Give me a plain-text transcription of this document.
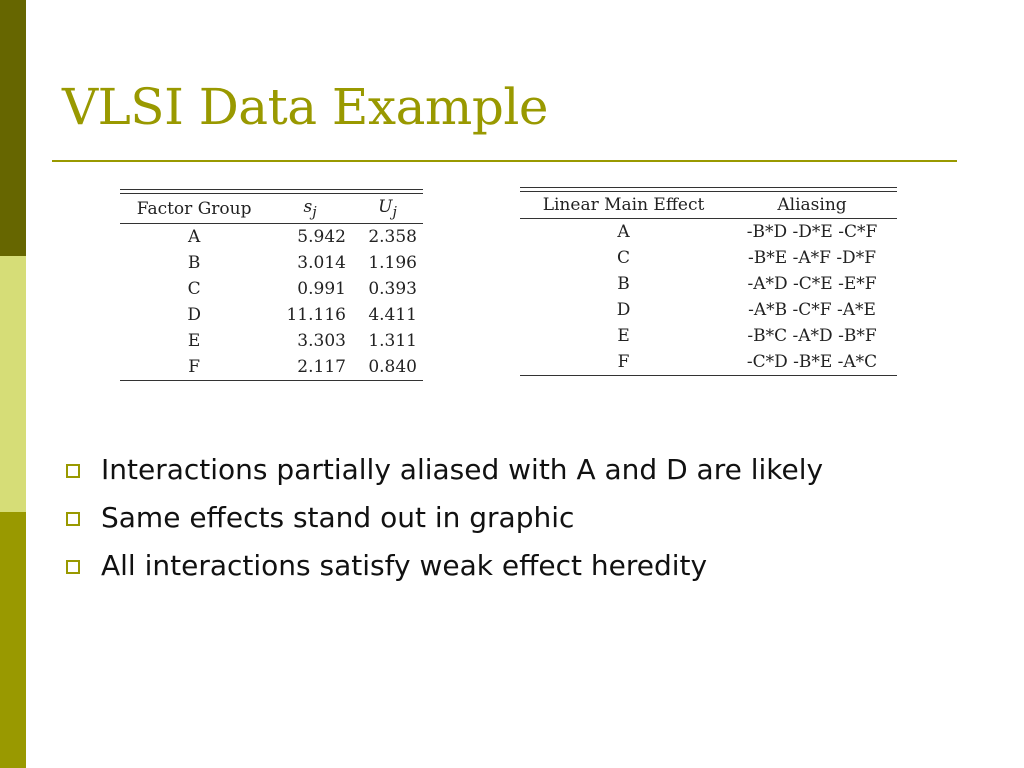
VLSI Data Example
Factor Group	$s_j$	$U_j$
A	5.942	2.358
B	3.014	1.196
C	0.991	0.393
D	11.116	4.411
E	3.303	1.311
F	2.117	0.840
Linear Main Effect	Aliasing
A	-B*D -D*E -C*F
C	-B*E -A*F -D*F
B	-A*D -C*E -E*F
D	-A*B -C*F -A*E
E	-B*C -A*D -B*F
F	-C*D -B*E -A*C
Interactions partially aliased with A and D are likely
Same effects stand out in graphic
All interactions satisfy weak effect heredity
